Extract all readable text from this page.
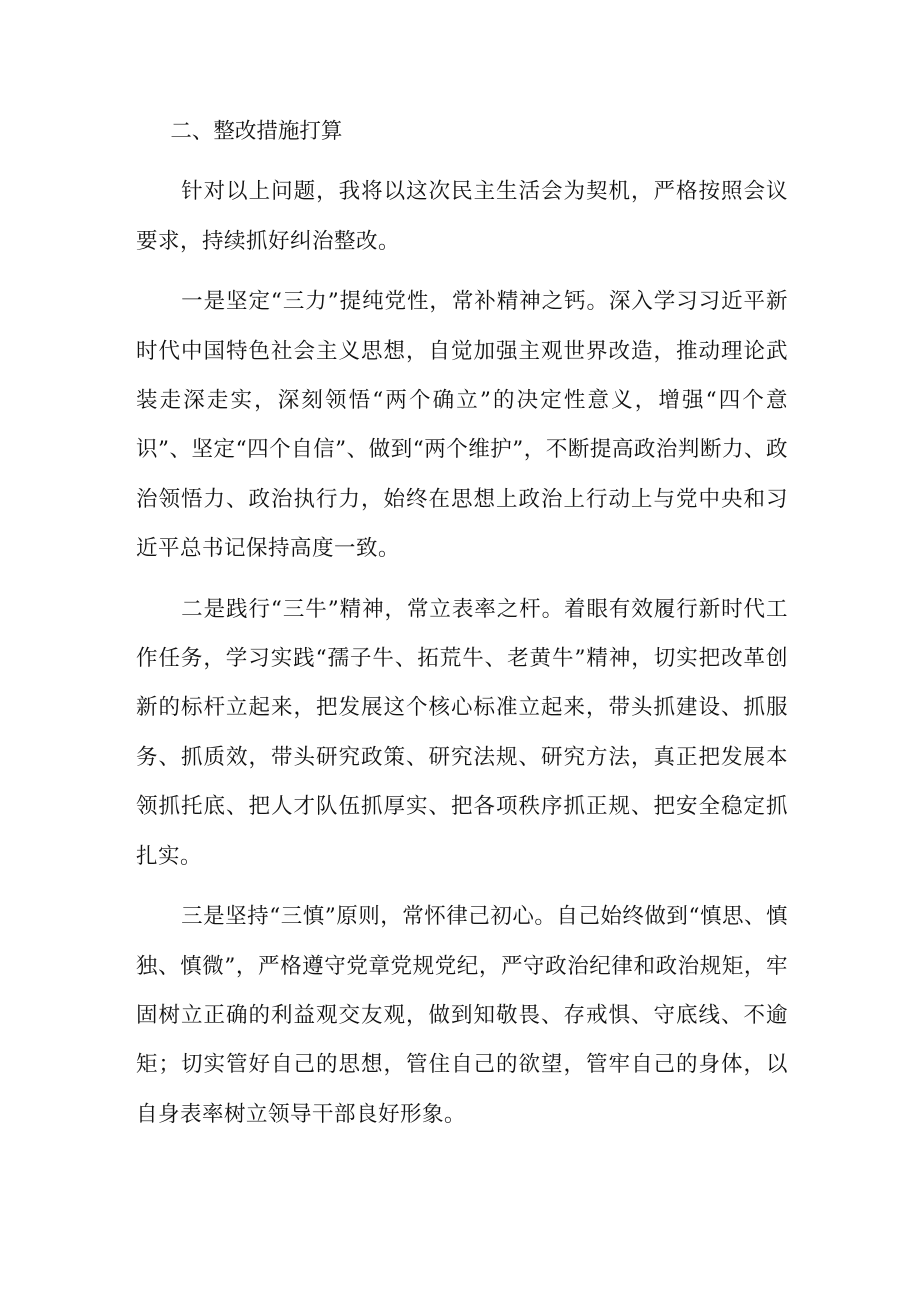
二、整改措施打算

针对以上问题，我将以这次民主生活会为契机，严格按照会议要求，持续抓好纠治整改。

一是坚定“三力”提纯党性，常补精神之钙。深入学习习近平新时代中国特色社会主义思想，自觉加强主观世界改造，推动理论武装走深走实，深刻领悟“两个确立”的决定性意义，增强“四个意识”、坚定“四个自信”、做到“两个维护”，不断提高政治判断力、政治领悟力、政治执行力，始终在思想上政治上行动上与党中央和习近平总书记保持高度一致。

二是践行“三牛”精神，常立表率之杆。着眼有效履行新时代工作任务，学习实践“孺子牛、拓荒牛、老黄牛”精神，切实把改革创新的标杆立起来，把发展这个核心标准立起来，带头抓建设、抓服务、抓质效，带头研究政策、研究法规、研究方法，真正把发展本领抓托底、把人才队伍抓厚实、把各项秩序抓正规、把安全稳定抓扎实。

三是坚持“三慎”原则，常怀律己初心。自己始终做到“慎思、慎独、慎微”，严格遵守党章党规党纪，严守政治纪律和政治规矩，牢固树立正确的利益观交友观，做到知敬畏、存戒惧、守底线、不逾矩；切实管好自己的思想，管住自己的欲望，管牢自己的身体，以自身表率树立领导干部良好形象。
